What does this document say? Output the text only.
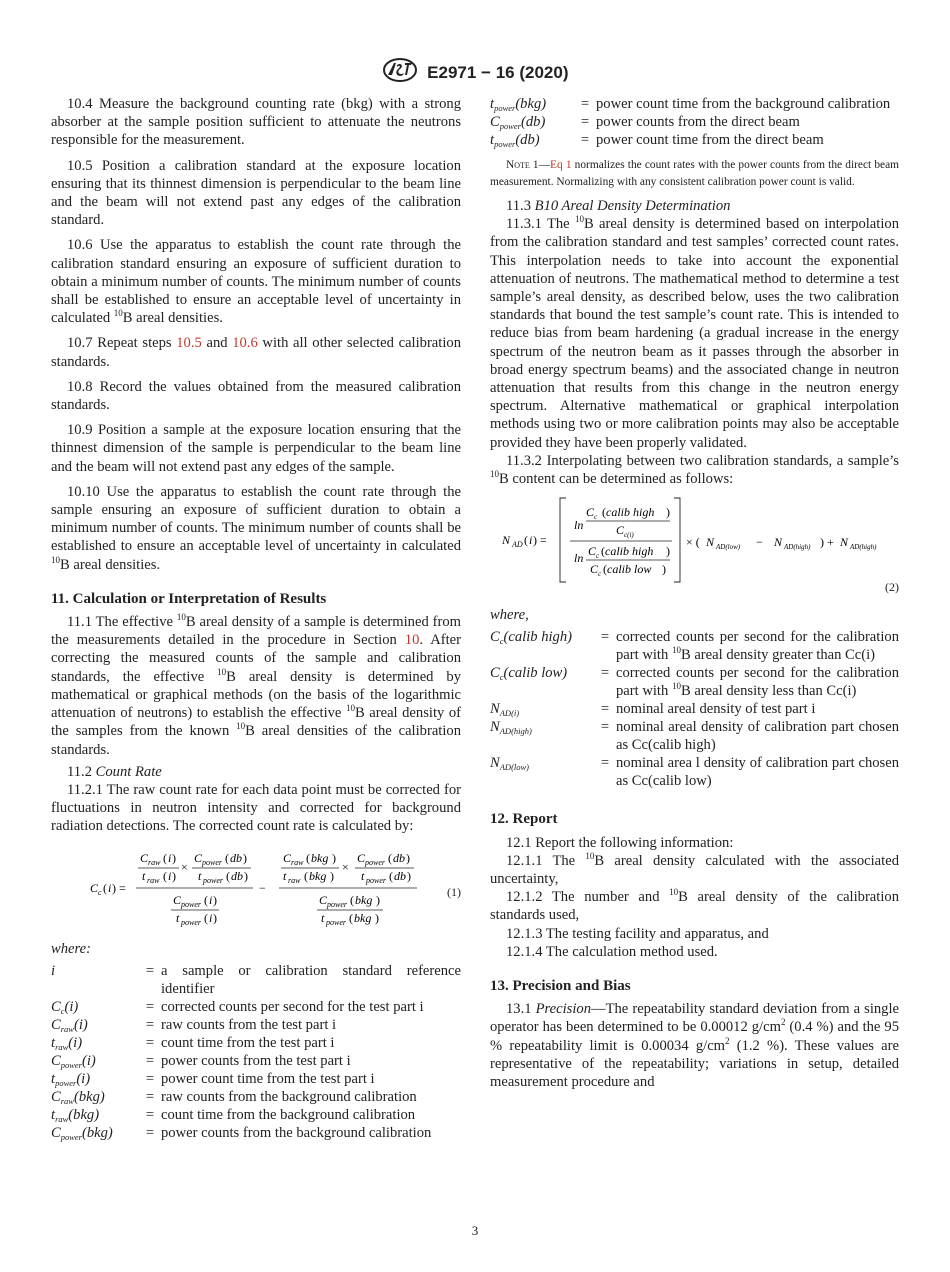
E2971 − 16 (2020)

10.4 Measure the background counting rate (bkg) with a strong absorber at the sample position sufficient to attenuate the neutrons responsible for the measurement.

10.5 Position a calibration standard at the exposure location ensuring that its thinnest dimension is perpendicular to the beam line and the beam will not extend past any edges of the calibration standard.

10.6 Use the apparatus to establish the count rate through the calibration standard ensuring an exposure of sufficient duration to obtain a minimum number of counts. The minimum number of counts shall be established to ensure an acceptable level of uncertainty in calculated $^{10}$B areal densities.

10.7 Repeat steps 10.5 and 10.6 with all other selected calibration standards.

10.8 Record the values obtained from the measured calibration standards.

10.9 Position a sample at the exposure location ensuring that the thinnest dimension of the sample is perpendicular to the beam line and the beam will not extend past any edges of the sample.

10.10 Use the apparatus to establish the count rate through the sample ensuring an exposure of sufficient duration to obtain a minimum number of counts. The minimum number of counts shall be established to ensure an acceptable level of uncertainty in calculated $^{10}$B areal densities.

11. Calculation or Interpretation of Results

11.1 The effective $^{10}$B areal density of a sample is determined from the measurements detailed in the procedure in Section 10. After correcting the measured counts of the sample and calibration standards, the effective $^{10}$B areal density is determined by mathematical or graphical methods (on the basis of the logarithmic attenuation of neutrons) to establish the effective $^{10}$B areal density of the samples from the known $^{10}$B areal densities of the calibration standards.

11.2 Count Rate

11.2.1 The raw count rate for each data point must be corrected for fluctuations in neutron intensity and corrected for background radiation detections. The corrected count rate is calculated by:

C c ( i ) =
C raw ( i )
t raw ( i )
×
C power ( db )
t power ( db )
C power ( i )
t power ( i )
−
C raw ( bkg )
t raw ( bkg )
×
C power ( db )
t power ( db )
C power ( bkg )
t power ( bkg )
(1)

where:

i	=	a sample or calibration standard reference identifier
$C_c(i)$	=	corrected counts per second for the test part i
$C_{raw}(i)$	=	raw counts from the test part i
$t_{raw}(i)$	=	count time from the test part i
$C_{power}(i)$	=	power counts from the test part i
$t_{power}(i)$	=	power count time from the test part i
$C_{raw}(bkg)$	=	raw counts from the background calibration
$t_{raw}(bkg)$	=	count time from the background calibration
$C_{power}(bkg)$	=	power counts from the background calibration
$t_{power}(bkg)$	=	power count time from the background calibration
$C_{power}(db)$	=	power counts from the direct beam
$t_{power}(db)$	=	power count time from the direct beam

Note 1—Eq 1 normalizes the count rates with the power counts from the direct beam measurement. Normalizing with any consistent calibration power count is valid.

11.3 B10 Areal Density Determination

11.3.1 The $^{10}$B areal density is determined based on interpolation from the calibration standard and test samples’ corrected count rates. This interpolation needs to take into account the exponential attenuation of neutrons. The mathematical method to determine a test sample’s areal density, as described below, uses the two calibration standards that bound the test sample’s count rate. This is intended to reduce bias from beam hardening (a gradual increase in the energy spectrum of the neutron beam as it passes through the absorber in broad energy spectrum beams) and the associated change in neutron attenuation that results from this change in the neutron energy spectrum. Alternative mathematical or graphical interpolation methods using two or more calibration points may also be acceptable provided they have been properly validated.

11.3.2 Interpolating between two calibration standards, a sample’s $^{10}$B content can be determined as follows:

N AD ( i ) =
ln
C c ( calib high )
C c(i)
ln C c ( calib high )
C c ( calib low )
× ( N AD(low) − N AD(high) ) + N AD(high)
(2)

where,

$C_c(calib$ high)	=	corrected counts per second for the calibration part with $^{10}$B areal density greater than Cc(i)
$C_c(calib$ low)	=	corrected counts per second for the calibration part with $^{10}$B areal density less than Cc(i)
$N_{AD(i)}$	=	nominal areal density of test part i
$N_{AD(high)}$	=	nominal areal density of calibration part chosen as Cc(calib high)
$N_{AD(low)}$	=	nominal area l density of calibration part chosen as Cc(calib low)
12. Report

12.1 Report the following information:

12.1.1 The $^{10}$B areal density calculated with the associated uncertainty,

12.1.2 The number and $^{10}$B areal density of the calibration standards used,

12.1.3 The testing facility and apparatus, and

12.1.4 The calculation method used.

13. Precision and Bias

13.1 Precision—The repeatability standard deviation from a single operator has been determined to be 0.00012 $g/cm^2$ (0.4 %) and the 95 % repeatability limit is 0.00034 $g/cm^2$ (1.2 %). These values are representative of the repeatability; variations in setup, detailed measurement procedure and

3
